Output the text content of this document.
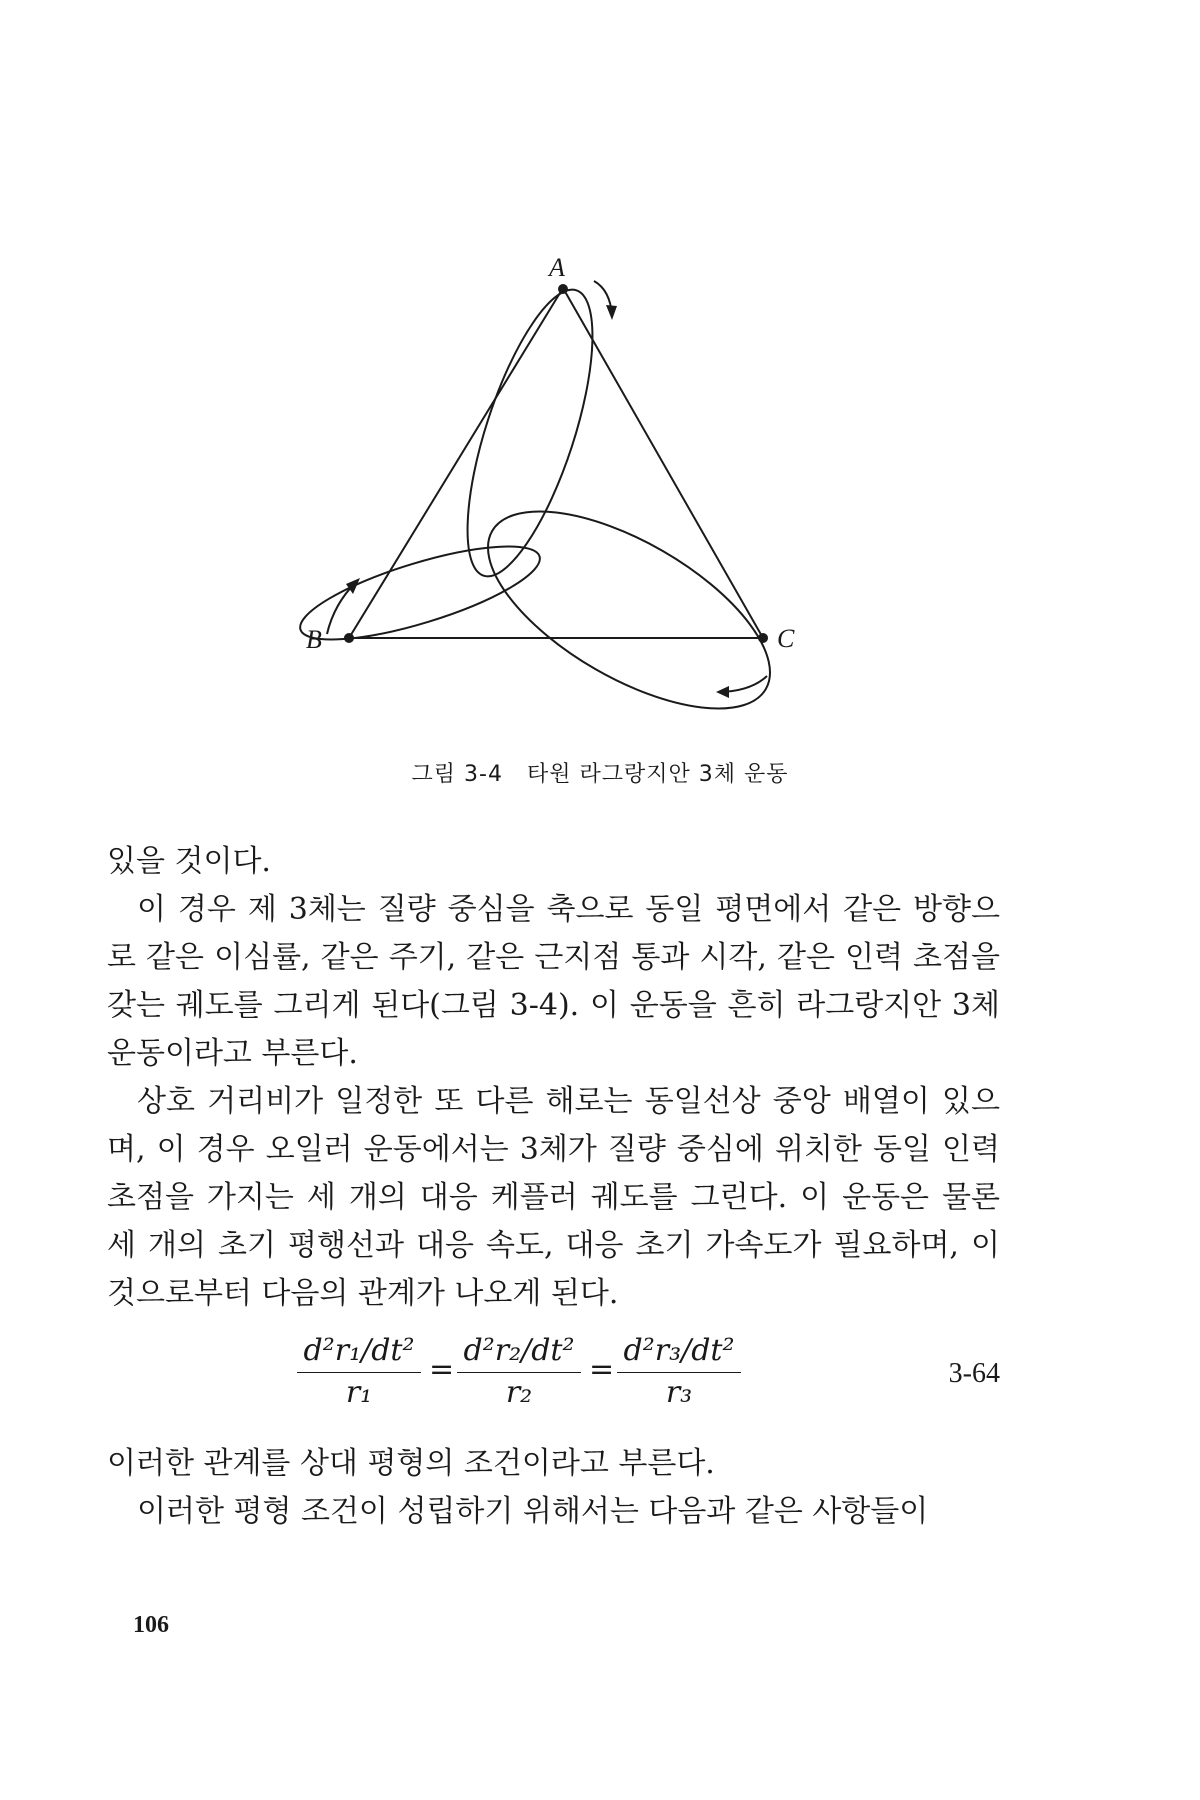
A
B	C
그림 3-4 타원 라그랑지안 3체 운동

있을 것이다.

이 경우 제 3체는 질량 중심을 축으로 동일 평면에서 같은 방향으로 같은 이심률, 같은 주기, 같은 근지점 통과 시각, 같은 인력 초점을 갖는 궤도를 그리게 된다(그림 3-4). 이 운동을 흔히 라그랑지안 3체 운동이라고 부른다.

상호 거리비가 일정한 또 다른 해로는 동일선상 중앙 배열이 있으며, 이 경우 오일러 운동에서는 3체가 질량 중심에 위치한 동일 인력 초점을 가지는 세 개의 대응 케플러 궤도를 그린다. 이 운동은 물론 세 개의 초기 평행선과 대응 속도, 대응 초기 가속도가 필요하며, 이것으로부터 다음의 관계가 나오게 된다.

$\frac{\text{d²r₁/dt²}}{\text{r₁}} = \frac{\text{d²r₂/dt²}}{\text{r₂}} = \frac{\text{d²r₃/dt²}}{\text{r₃}}$	3-64

이러한 관계를 상대 평형의 조건이라고 부른다.

이러한 평형 조건이 성립하기 위해서는 다음과 같은 사항들이

106
